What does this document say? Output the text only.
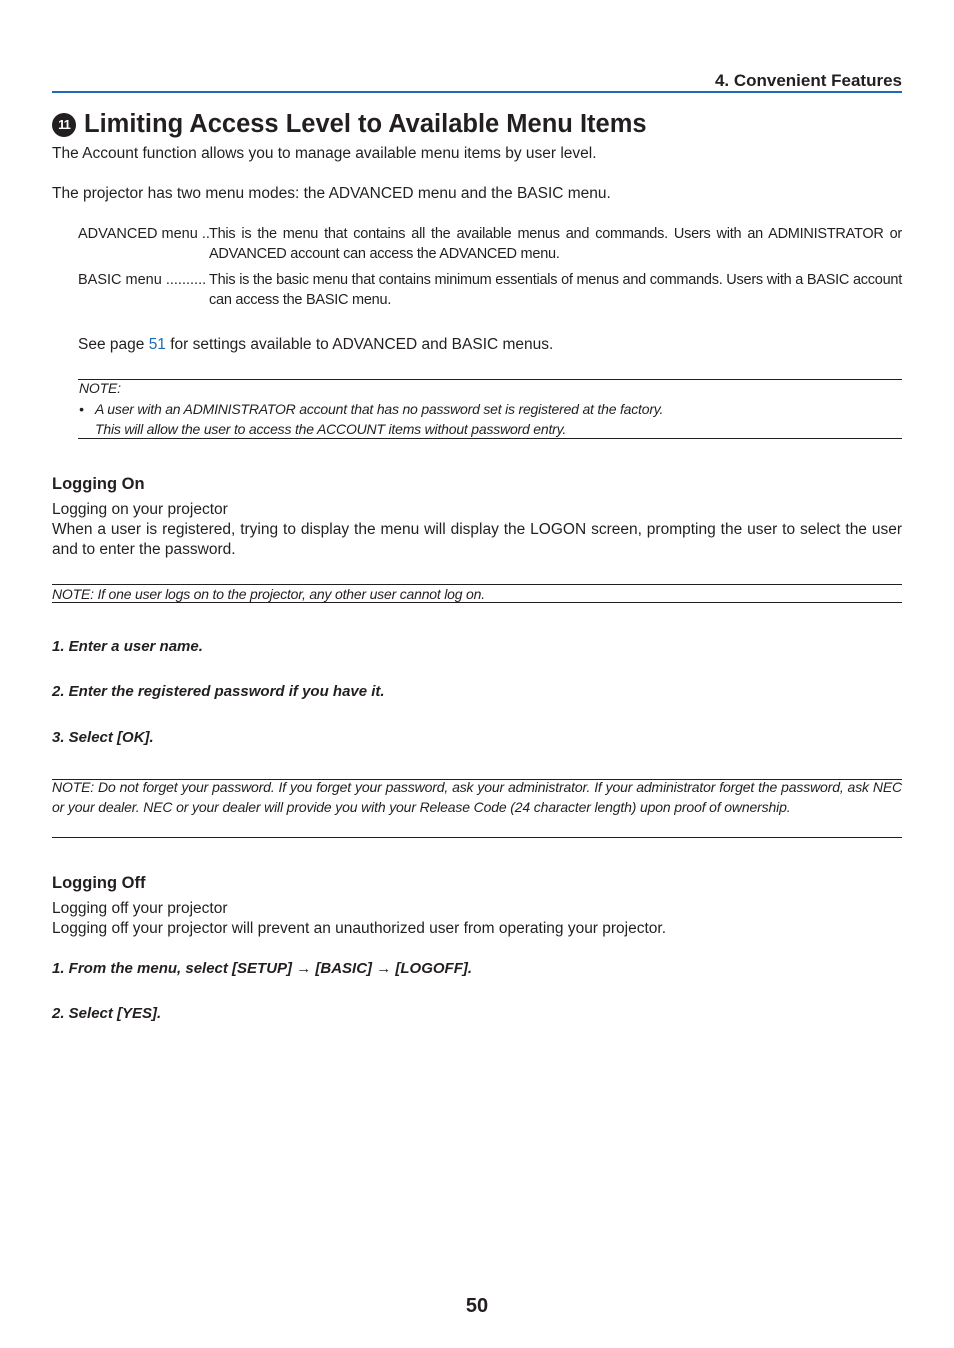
4. Convenient Features
11 Limiting Access Level to Available Menu Items
The Account function allows you to manage available menu items by user level.
The projector has two menu modes: the ADVANCED menu and the BASIC menu.
ADVANCED menu .. This is the menu that contains all the available menus and commands. Users with an ADMINISTRATOR or ADVANCED account can access the ADVANCED menu.
BASIC menu .......... This is the basic menu that contains minimum essentials of menus and commands. Users with a BASIC account can access the BASIC menu.
See page 51 for settings available to ADVANCED and BASIC menus.
NOTE:
• A user with an ADMINISTRATOR account that has no password set is registered at the factory.
This will allow the user to access the ACCOUNT items without password entry.
Logging On
Logging on your projector
When a user is registered, trying to display the menu will display the LOGON screen, prompting the user to select the user and to enter the password.
NOTE: If one user logs on to the projector, any other user cannot log on.
1. Enter a user name.
2. Enter the registered password if you have it.
3. Select [OK].
NOTE: Do not forget your password. If you forget your password, ask your administrator. If your administrator forget the password, ask NEC or your dealer. NEC or your dealer will provide you with your Release Code (24 character length) upon proof of ownership.
Logging Off
Logging off your projector
Logging off your projector will prevent an unauthorized user from operating your projector.
1. From the menu, select [SETUP] → [BASIC] → [LOGOFF].
2. Select [YES].
50
